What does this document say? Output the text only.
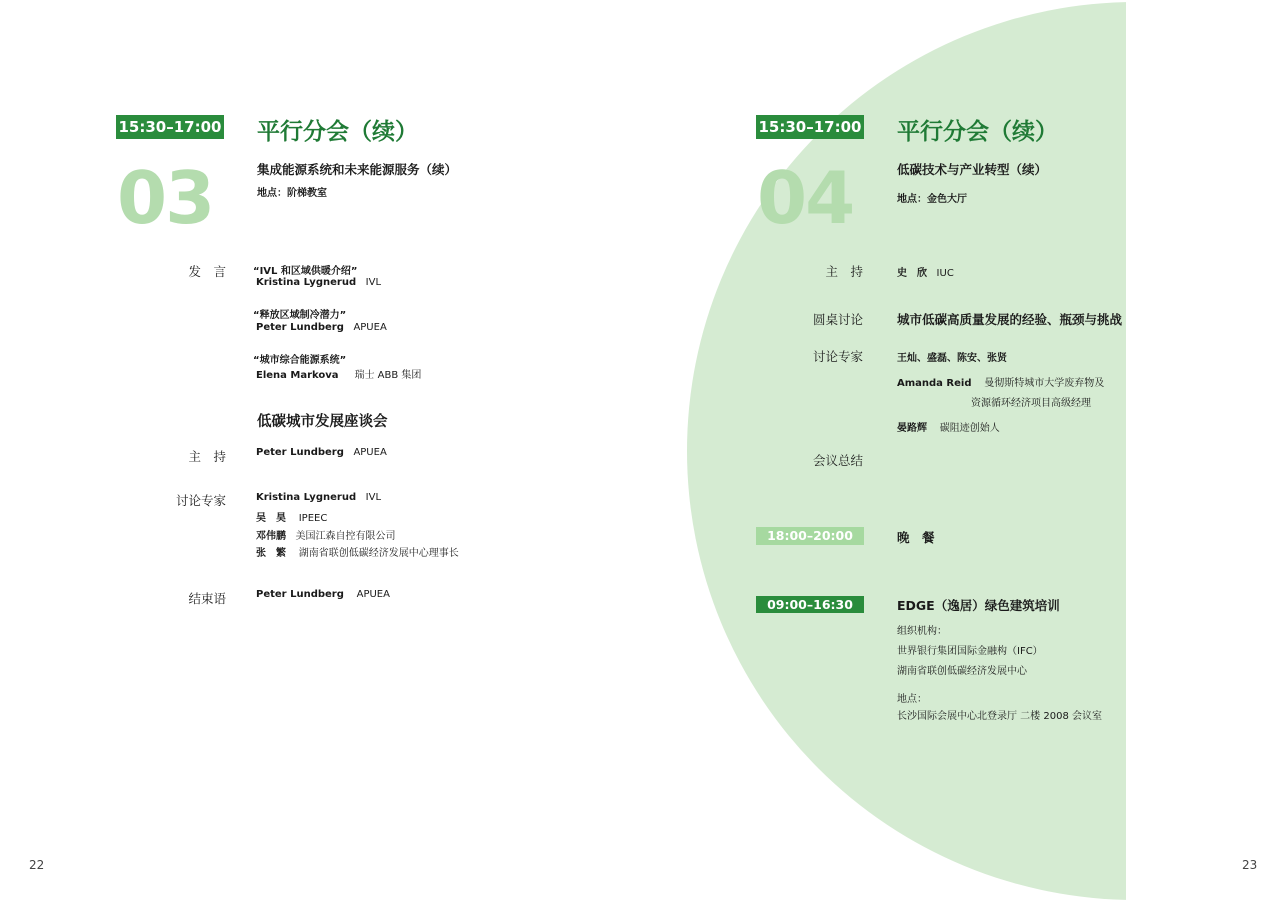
15:30–17:00 平行分会（续）
03	集成能源系统和未来能源服务（续）
地点：阶梯教室
发　言	“IVL 和区域供暖介绍”
Kristina Lygnerud IVL
“释放区域制冷潜力”
Peter Lundberg APUEA
“城市综合能源系统”
Elena Markova 瑞士 ABB 集团
低碳城市发展座谈会
主　持	Peter Lundberg APUEA
讨论专家	Kristina Lygnerud IVL
吴　昊 IPEEC
邓伟鹏 美国江森自控有限公司
张　繁 湖南省联创低碳经济发展中心理事长
结束语	Peter Lundberg APUEA
22
15:30–17:00 平行分会（续）
04	低碳技术与产业转型（续）
地点：金色大厅
主　持	史　欣 IUC
圆桌讨论	城市低碳高质量发展的经验、瓶颈与挑战
讨论专家	王灿、盛磊、陈安、张贤
Amanda Reid 曼彻斯特城市大学废弃物及
资源循环经济项目高级经理
晏路辉 碳阻迹创始人
会议总结
18:00–20:00	晚　餐
09:00–16:30	EDGE（逸居）绿色建筑培训
组织机构：
世界银行集团国际金融构（IFC）
湖南省联创低碳经济发展中心
地点：
长沙国际会展中心北登录厅 二楼 2008 会议室
23
